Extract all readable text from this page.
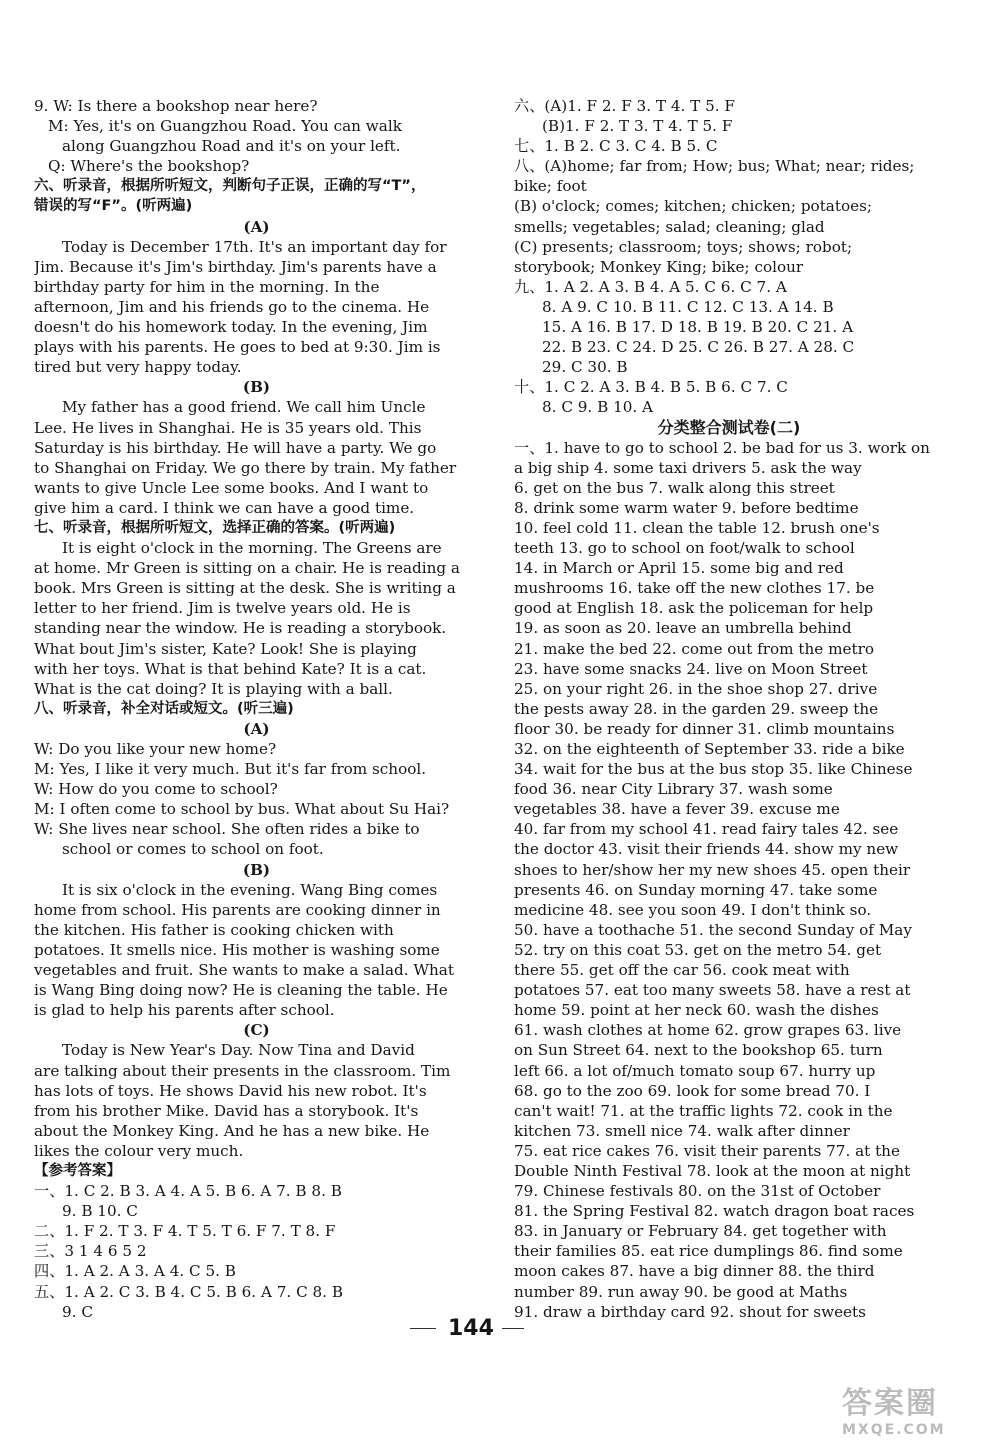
9. W: Is there a bookshop near here?
M: Yes, it's on Guangzhou Road. You can walk
along Guangzhou Road and it's on your left.
Q: Where's the bookshop?
六、听录音，根据所听短文，判断句子正误，正确的写“T”，
错误的写“F”。(听两遍)
(A)
Today is December 17th. It's an important day for
Jim. Because it's Jim's birthday. Jim's parents have a
birthday party for him in the morning. In the
afternoon, Jim and his friends go to the cinema. He
doesn't do his homework today. In the evening, Jim
plays with his parents. He goes to bed at 9:30. Jim is
tired but very happy today.
(B)
My father has a good friend. We call him Uncle
Lee. He lives in Shanghai. He is 35 years old. This
Saturday is his birthday. He will have a party. We go
to Shanghai on Friday. We go there by train. My father
wants to give Uncle Lee some books. And I want to
give him a card. I think we can have a good time.
七、听录音，根据所听短文，选择正确的答案。(听两遍)
It is eight o'clock in the morning. The Greens are
at home. Mr Green is sitting on a chair. He is reading a
book. Mrs Green is sitting at the desk. She is writing a
letter to her friend. Jim is twelve years old. He is
standing near the window. He is reading a storybook.
What bout Jim's sister, Kate? Look! She is playing
with her toys. What is that behind Kate? It is a cat.
What is the cat doing? It is playing with a ball.
八、听录音，补全对话或短文。(听三遍)
(A)
W: Do you like your new home?
M: Yes, I like it very much. But it's far from school.
W: How do you come to school?
M: I often come to school by bus. What about Su Hai?
W: She lives near school. She often rides a bike to
school or comes to school on foot.
(B)
It is six o'clock in the evening. Wang Bing comes
home from school. His parents are cooking dinner in
the kitchen. His father is cooking chicken with
potatoes. It smells nice. His mother is washing some
vegetables and fruit. She wants to make a salad. What
is Wang Bing doing now? He is cleaning the table. He
is glad to help his parents after school.
(C)
Today is New Year's Day. Now Tina and David
are talking about their presents in the classroom. Tim
has lots of toys. He shows David his new robot. It's
from his brother Mike. David has a storybook. It's
about the Monkey King. And he has a new bike. He
likes the colour very much.
【参考答案】
一、1. C 2. B 3. A 4. A 5. B 6. A 7. B 8. B
9. B 10. C
二、1. F 2. T 3. F 4. T 5. T 6. F 7. T 8. F
三、3 1 4 6 5 2
四、1. A 2. A 3. A 4. C 5. B
五、1. A 2. C 3. B 4. C 5. B 6. A 7. C 8. B
9. C
六、(A)1. F 2. F 3. T 4. T 5. F
(B)1. F 2. T 3. T 4. T 5. F
七、1. B 2. C 3. C 4. B 5. C
八、(A)home; far from; How; bus; What; near; rides;
bike; foot
(B) o'clock; comes; kitchen; chicken; potatoes;
smells; vegetables; salad; cleaning; glad
(C) presents; classroom; toys; shows; robot;
storybook; Monkey King; bike; colour
九、1. A 2. A 3. B 4. A 5. C 6. C 7. A
8. A 9. C 10. B 11. C 12. C 13. A 14. B
15. A 16. B 17. D 18. B 19. B 20. C 21. A
22. B 23. C 24. D 25. C 26. B 27. A 28. C
29. C 30. B
十、1. C 2. A 3. B 4. B 5. B 6. C 7. C
8. C 9. B 10. A
分类整合测试卷(二)
一、1. have to go to school 2. be bad for us 3. work on
a big ship 4. some taxi drivers 5. ask the way
6. get on the bus 7. walk along this street
8. drink some warm water 9. before bedtime
10. feel cold 11. clean the table 12. brush one's
teeth 13. go to school on foot/walk to school
14. in March or April 15. some big and red
mushrooms 16. take off the new clothes 17. be
good at English 18. ask the policeman for help
19. as soon as 20. leave an umbrella behind
21. make the bed 22. come out from the metro
23. have some snacks 24. live on Moon Street
25. on your right 26. in the shoe shop 27. drive
the pests away 28. in the garden 29. sweep the
floor 30. be ready for dinner 31. climb mountains
32. on the eighteenth of September 33. ride a bike
34. wait for the bus at the bus stop 35. like Chinese
food 36. near City Library 37. wash some
vegetables 38. have a fever 39. excuse me
40. far from my school 41. read fairy tales 42. see
the doctor 43. visit their friends 44. show my new
shoes to her/show her my new shoes 45. open their
presents 46. on Sunday morning 47. take some
medicine 48. see you soon 49. I don't think so.
50. have a toothache 51. the second Sunday of May
52. try on this coat 53. get on the metro 54. get
there 55. get off the car 56. cook meat with
potatoes 57. eat too many sweets 58. have a rest at
home 59. point at her neck 60. wash the dishes
61. wash clothes at home 62. grow grapes 63. live
on Sun Street 64. next to the bookshop 65. turn
left 66. a lot of/much tomato soup 67. hurry up
68. go to the zoo 69. look for some bread 70. I
can't wait! 71. at the traffic lights 72. cook in the
kitchen 73. smell nice 74. walk after dinner
75. eat rice cakes 76. visit their parents 77. at the
Double Ninth Festival 78. look at the moon at night
79. Chinese festivals 80. on the 31st of October
81. the Spring Festival 82. watch dragon boat races
83. in January or February 84. get together with
their families 85. eat rice dumplings 86. find some
moon cakes 87. have a big dinner 88. the third
number 89. run away 90. be good at Maths
91. draw a birthday card 92. shout for sweets
144
答案圈
MXQE.COM
